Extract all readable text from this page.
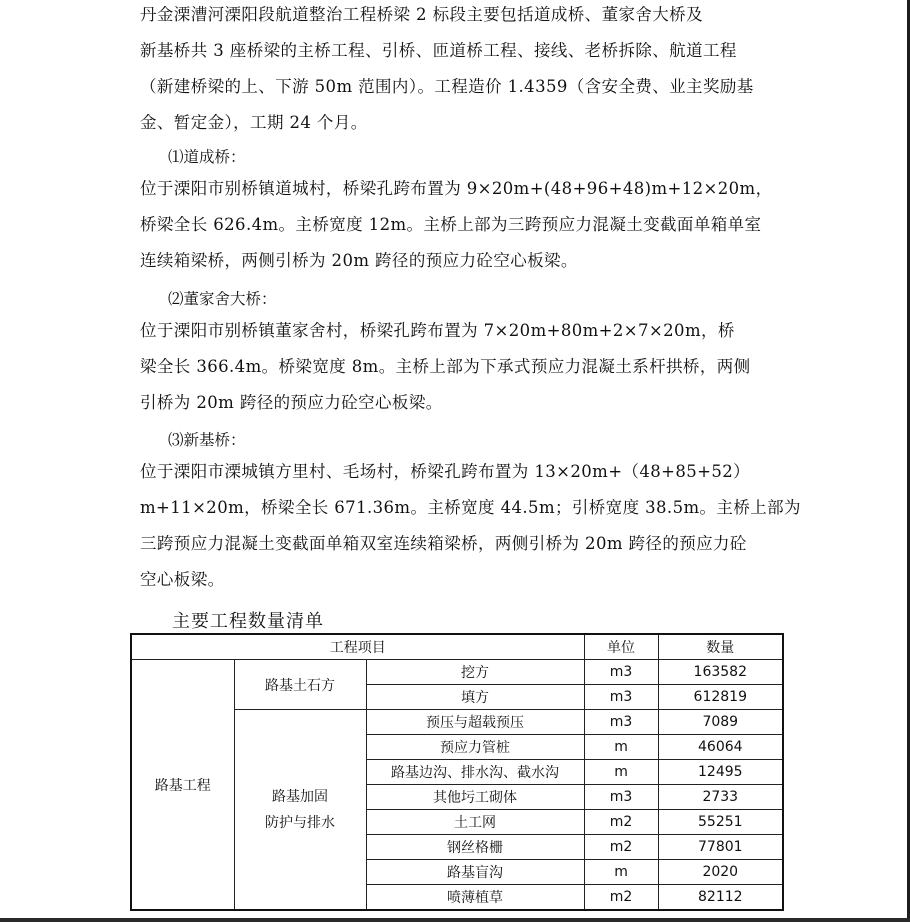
丹金溧漕河溧阳段航道整治工程桥梁 2 标段主要包括道成桥、董家舍大桥及
新基桥共 3 座桥梁的主桥工程、引桥、匝道桥工程、接线、老桥拆除、航道工程
（新建桥梁的上、下游 50m 范围内）。工程造价 1.4359（含安全费、业主奖励基
金、暂定金），工期 24 个月。

⑴道成桥：

位于溧阳市别桥镇道城村，桥梁孔跨布置为 9×20m+(48+96+48)m+12×20m，
桥梁全长 626.4m。主桥宽度 12m。主桥上部为三跨预应力混凝土变截面单箱单室
连续箱梁桥，两侧引桥为 20m 跨径的预应力砼空心板梁。

⑵董家舍大桥：

位于溧阳市别桥镇董家舍村，桥梁孔跨布置为 7×20m+80m+2×7×20m，桥
梁全长 366.4m。桥梁宽度 8m。主桥上部为下承式预应力混凝土系杆拱桥，两侧
引桥为 20m 跨径的预应力砼空心板梁。

⑶新基桥：

位于溧阳市溧城镇方里村、毛场村，桥梁孔跨布置为 13×20m+（48+85+52）
m+11×20m，桥梁全长 671.36m。主桥宽度 44.5m；引桥宽度 38.5m。主桥上部为
三跨预应力混凝土变截面单箱双室连续箱梁桥，两侧引桥为 20m 跨径的预应力砼
空心板梁。

主要工程数量清单
工程项目			单位	数量
路基工程	路基土石方	挖方	m3	163582
		填方	m3	612819
	路基加固
防护与排水	预压与超载预压	m3	7089
		预应力管桩	m	46064
		路基边沟、排水沟、截水沟	m	12495
		其他圬工砌体	m3	2733
		土工网	m2	55251
		钢丝格栅	m2	77801
		路基盲沟	m	2020
		喷薄植草	m2	82112
